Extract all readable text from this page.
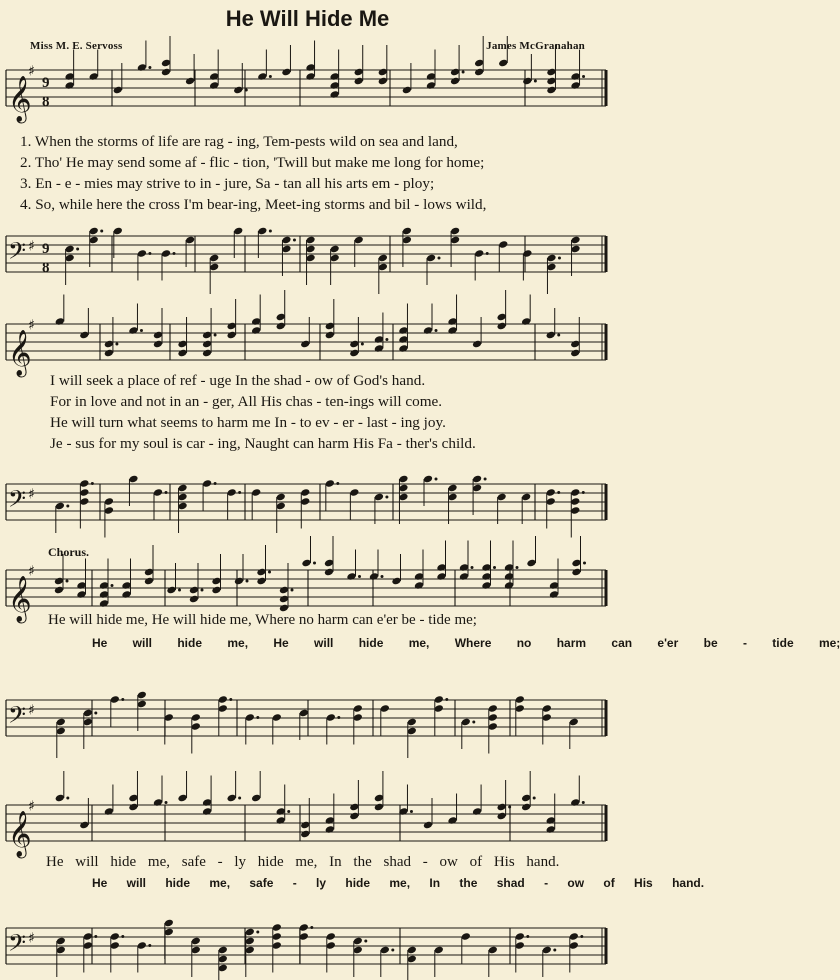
He Will Hide Me
Miss M. E. Servoss	James McGranahan
𝄞
♯
9
8
𝄢 ♯ 9
8
1. When the storms of life are rag - ing, Tem-pests wild on sea and land,
2. Tho' He may send some af - flic - tion, 'Twill but make me long for home;
3. En - e - mies may strive to in - jure, Sa - tan all his arts em - ploy;
4. So, while here the cross I'm bear-ing, Meet-ing storms and bil - lows wild,
𝄞
♯
𝄢 ♯
I will seek a place of ref - uge In the shad - ow of God's hand.
For in love and not in an - ger, All His chas - ten-ings will come.
He will turn what seems to harm me In - to ev - er - last - ing joy.
Je - sus for my soul is car - ing, Naught can harm His Fa - ther's child.
Chorus.
𝄞
♯
𝄢 ♯
𝄞
♯
𝄢 ♯
He will hide me, He will hide me, Where no harm can e'er be - tide me;
He will hide me, He will hide me, Where no harm can e'er be - tide me;
He will hide me, safe - ly hide me, In the shad - ow of His hand.
He will hide me, safe - ly hide me, In the shad - ow of His hand.
